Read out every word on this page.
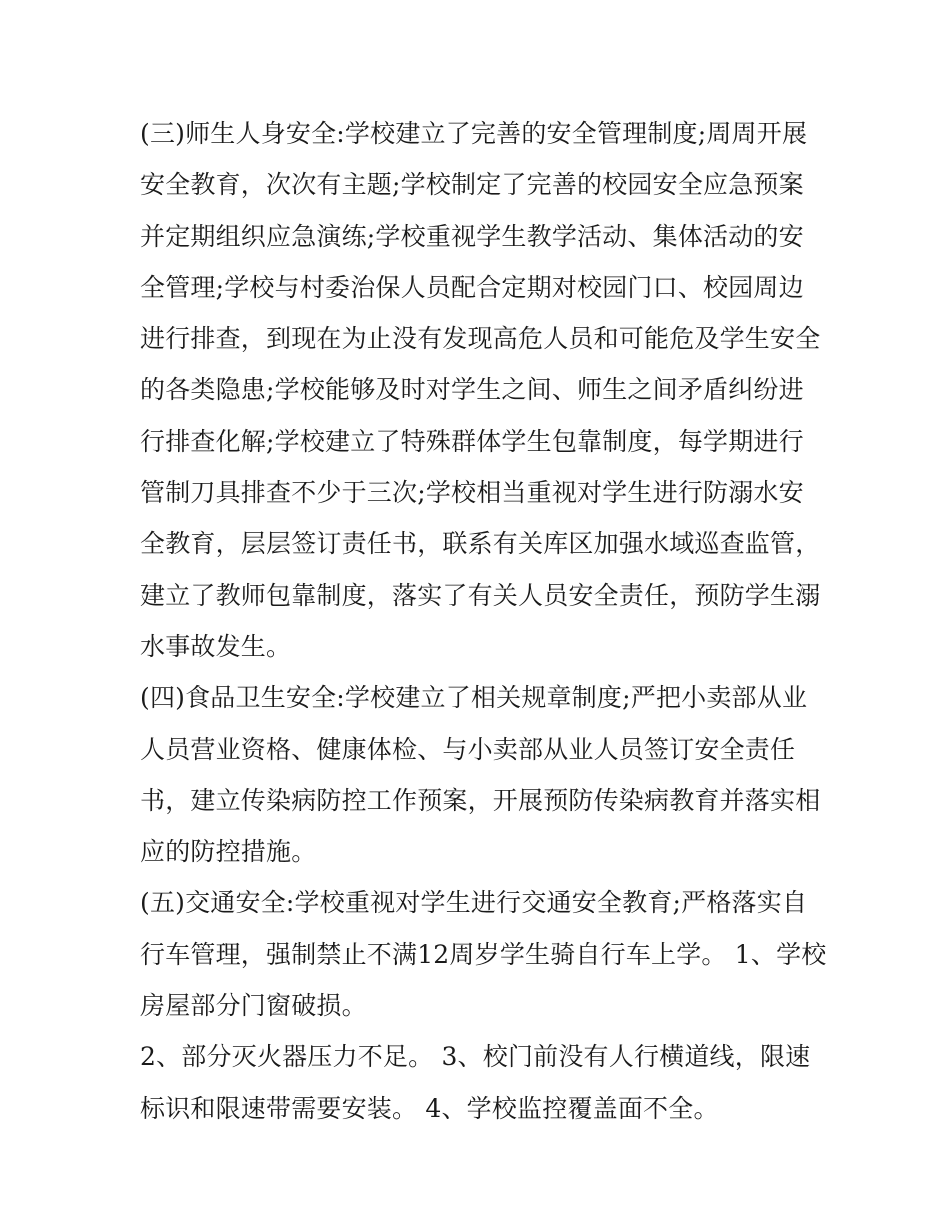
(三)师生人身安全:学校建立了完善的安全管理制度;周周开展
安全教育，次次有主题;学校制定了完善的校园安全应急预案
并定期组织应急演练;学校重视学生教学活动、集体活动的安
全管理;学校与村委治保人员配合定期对校园门口、校园周边
进行排查，到现在为止没有发现高危人员和可能危及学生安全
的各类隐患;学校能够及时对学生之间、师生之间矛盾纠纷进
行排查化解;学校建立了特殊群体学生包靠制度，每学期进行
管制刀具排查不少于三次;学校相当重视对学生进行防溺水安
全教育，层层签订责任书，联系有关库区加强水域巡查监管，
建立了教师包靠制度，落实了有关人员安全责任，预防学生溺
水事故发生。
(四)食品卫生安全:学校建立了相关规章制度;严把小卖部从业
人员营业资格、健康体检、与小卖部从业人员签订安全责任
书，建立传染病防控工作预案，开展预防传染病教育并落实相
应的防控措施。
(五)交通安全:学校重视对学生进行交通安全教育;严格落实自
行车管理，强制禁止不满12周岁学生骑自行车上学。 1、学校
房屋部分门窗破损。
2、部分灭火器压力不足。 3、校门前没有人行横道线，限速
标识和限速带需要安装。 4、学校监控覆盖面不全。
